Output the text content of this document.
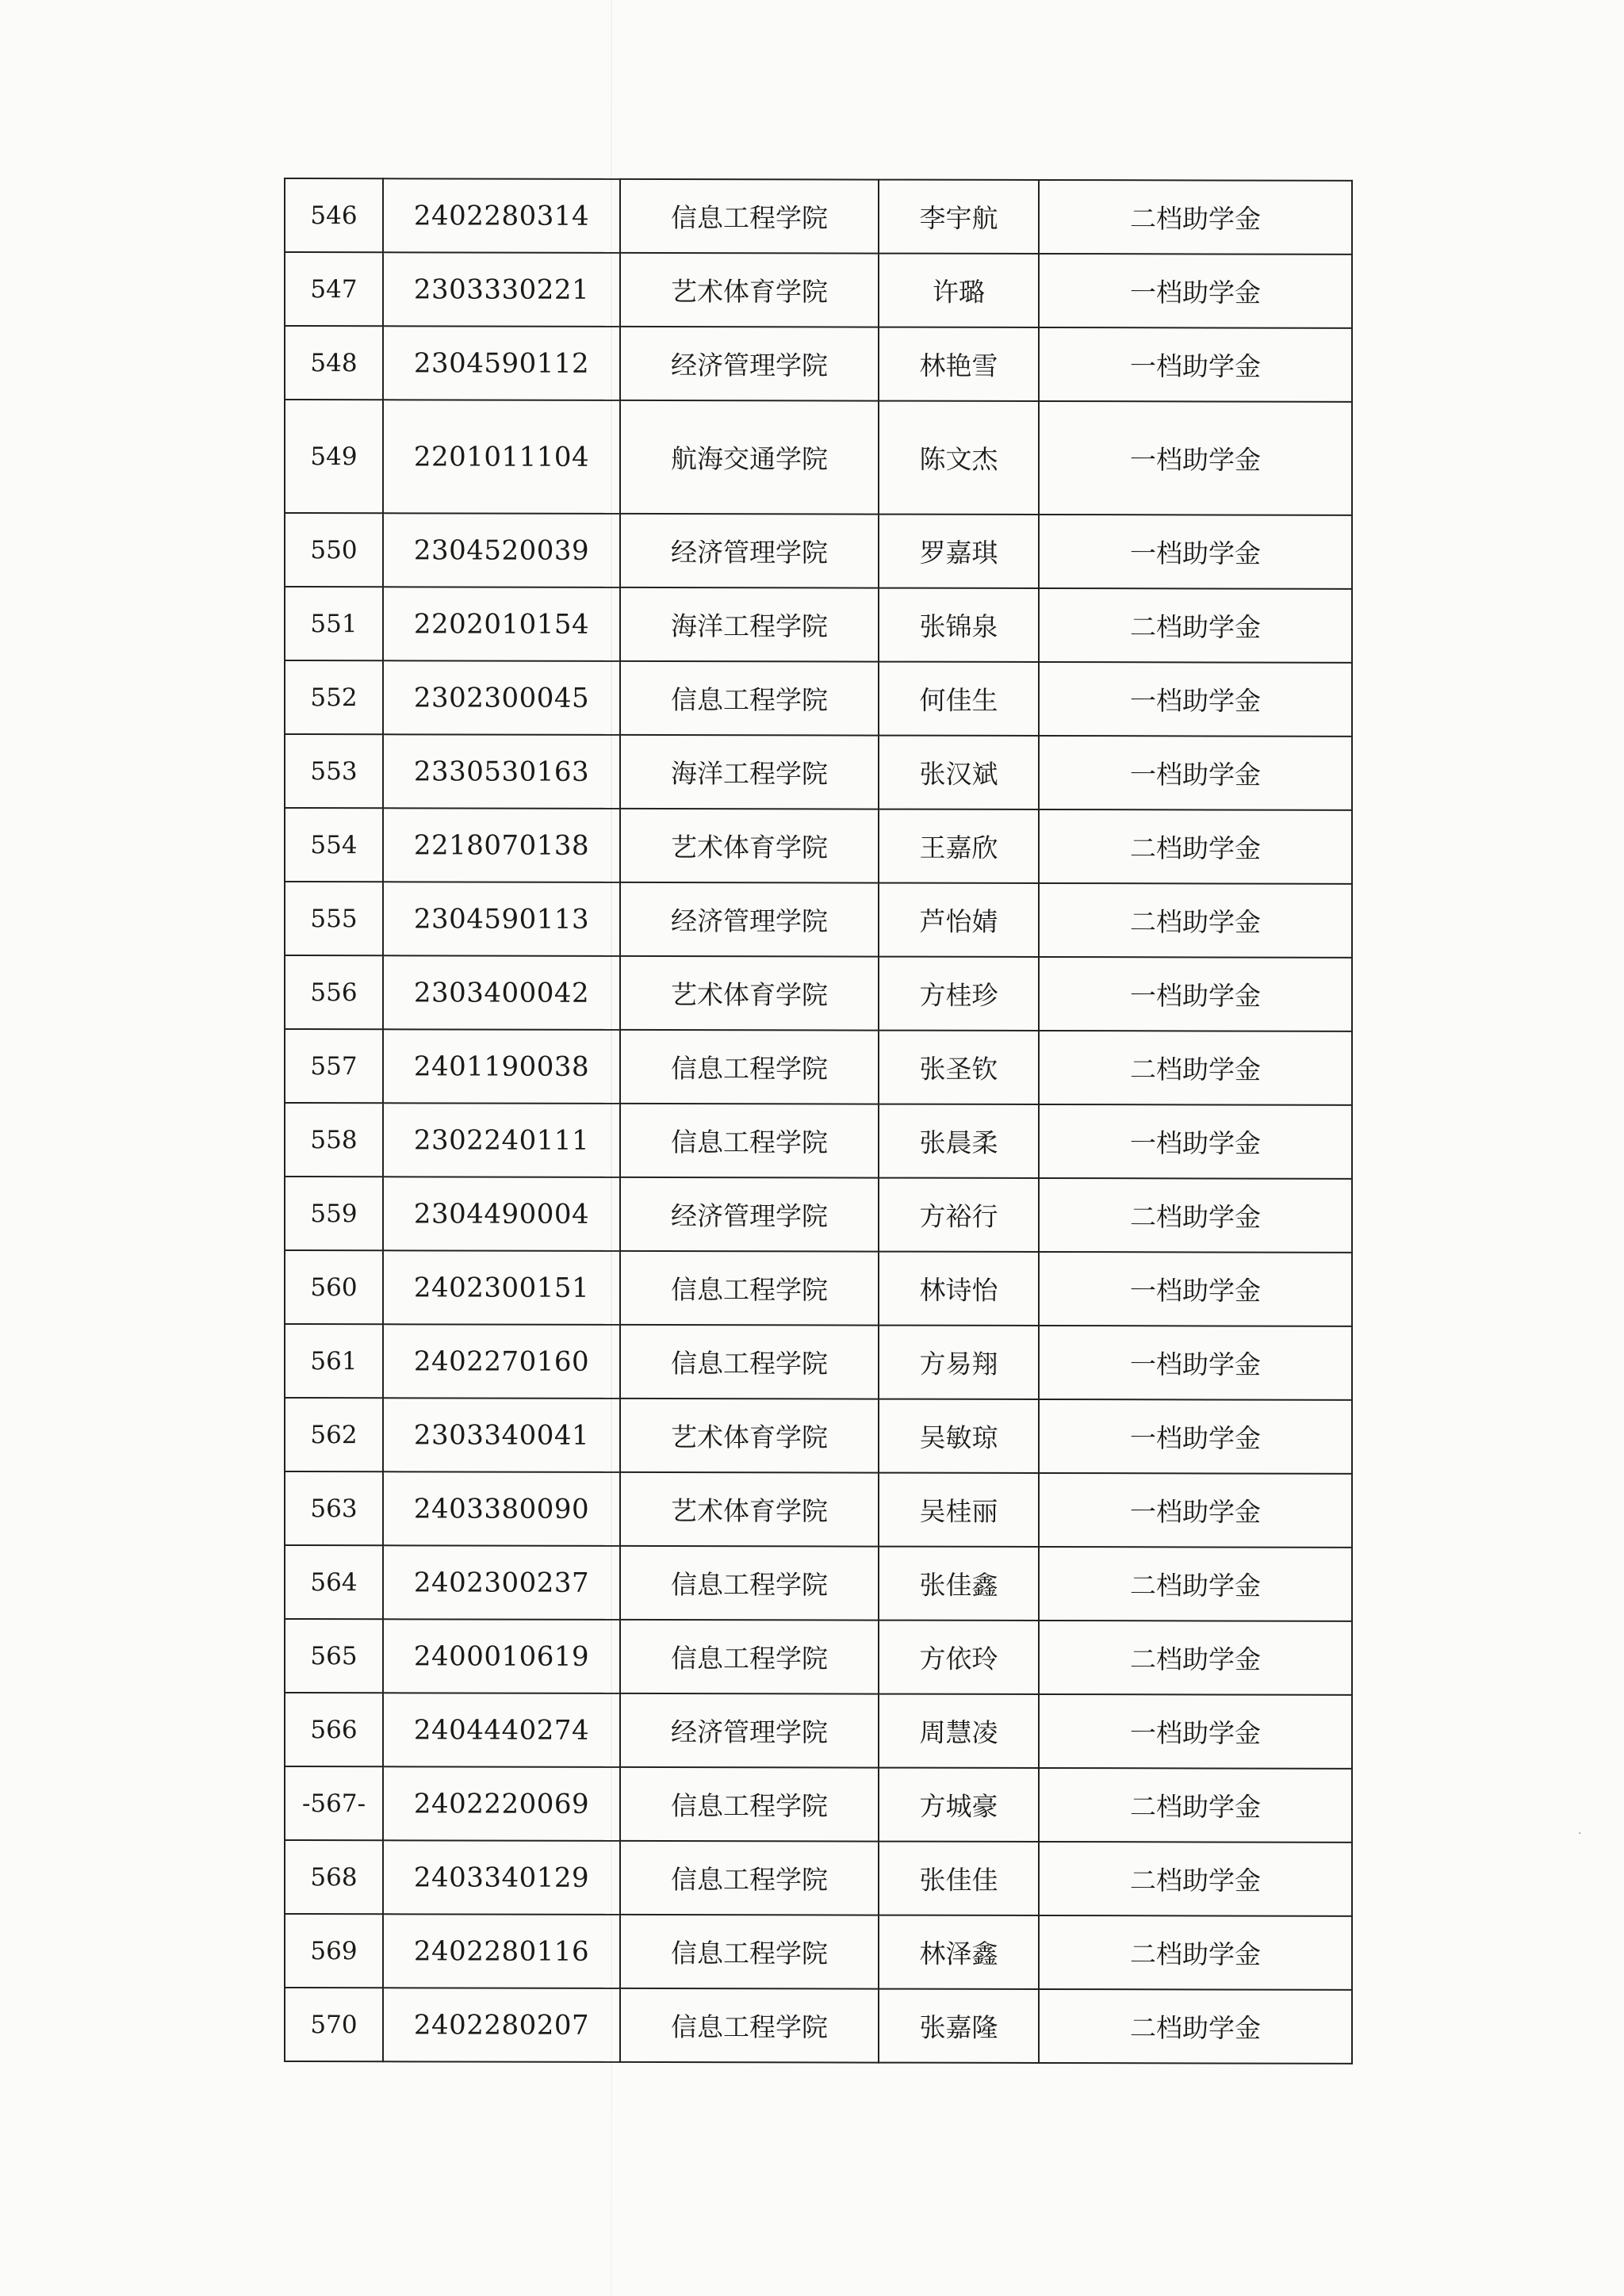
546	2402280314	信息工程学院	李宇航	二档助学金
547	2303330221	艺术体育学院	许璐	一档助学金
548	2304590112	经济管理学院	林艳雪	一档助学金
549	2201011104	航海交通学院	陈文杰	一档助学金
550	2304520039	经济管理学院	罗嘉琪	一档助学金
551	2202010154	海洋工程学院	张锦泉	二档助学金
552	2302300045	信息工程学院	何佳生	一档助学金
553	2330530163	海洋工程学院	张汉斌	一档助学金
554	2218070138	艺术体育学院	王嘉欣	二档助学金
555	2304590113	经济管理学院	芦怡婧	二档助学金
556	2303400042	艺术体育学院	方桂珍	一档助学金
557	2401190038	信息工程学院	张圣钦	二档助学金
558	2302240111	信息工程学院	张晨柔	一档助学金
559	2304490004	经济管理学院	方裕行	二档助学金
560	2402300151	信息工程学院	林诗怡	一档助学金
561	2402270160	信息工程学院	方易翔	一档助学金
562	2303340041	艺术体育学院	吴敏琼	一档助学金
563	2403380090	艺术体育学院	吴桂丽	一档助学金
564	2402300237	信息工程学院	张佳鑫	二档助学金
565	2400010619	信息工程学院	方依玲	二档助学金
566	2404440274	经济管理学院	周慧凌	一档助学金
-567-	2402220069	信息工程学院	方城豪	二档助学金
568	2403340129	信息工程学院	张佳佳	二档助学金
569	2402280116	信息工程学院	林泽鑫	二档助学金
570	2402280207	信息工程学院	张嘉隆	二档助学金
·
